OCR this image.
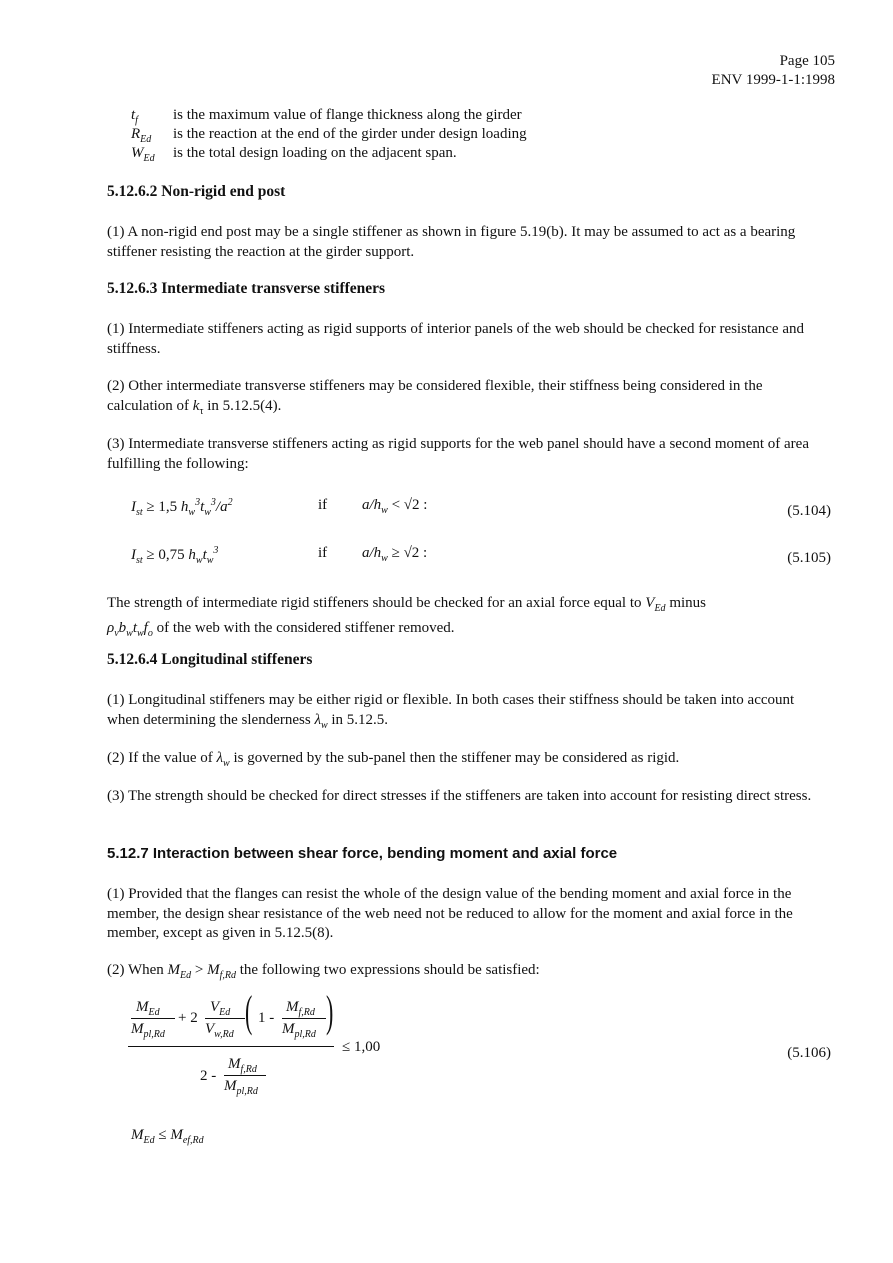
Page 105
ENV 1999-1-1:1998
$t_f$ is the maximum value of flange thickness along the girder
$R_{Ed}$ is the reaction at the end of the girder under design loading
$W_{Ed}$ is the total design loading on the adjacent span.
5.12.6.2 Non-rigid end post

(1) A non-rigid end post may be a single stiffener as shown in figure 5.19(b). It may be assumed to act as a bearing stiffener resisting the reaction at the girder support.

5.12.6.3 Intermediate transverse stiffeners

(1) Intermediate stiffeners acting as rigid supports of interior panels of the web should be checked for resistance and stiffness.

(2) Other intermediate transverse stiffeners may be considered flexible, their stiffness being considered in the calculation of $k_\tau$ in 5.12.5(4).

(3) Intermediate transverse stiffeners acting as rigid supports for the web panel should have a second moment of area fulfilling the following:

$I_{st} \ge 1,5$ $h_w^3t_w^3/a^2$	if $a/h_w < √2$ :	(5.104)
$I_{st} \ge 0,75$ $h_wt_w^3$	if $a/h_w \ge √2$ :	(5.105)

The strength of intermediate rigid stiffeners should be checked for an axial force equal to $V_{Ed}$ minus
$\rho_vb_wt_wf_o$ of the web with the considered stiffener removed.

5.12.6.4 Longitudinal stiffeners

(1) Longitudinal stiffeners may be either rigid or flexible. In both cases their stiffness should be taken into account when determining the slenderness $\lambda_w$ in 5.12.5.

(2) If the value of $\lambda_w$ is governed by the sub-panel then the stiffener may be considered as rigid.

(3) The strength should be checked for direct stresses if the stiffeners are taken into account for resisting direct stress.

5.12.7 Interaction between shear force, bending moment and axial force

(1) Provided that the flanges can resist the whole of the design value of the bending moment and axial force in the member, the design shear resistance of the web need not be reduced to allow for the moment and axial force in the member, except as given in 5.12.5(8).

(2) When $M_{Ed} > M_{f,Rd}$ the following two expressions should be satisfied:

$M_{Ed}$
$M_{pl,Rd}$
+ 2
$V_{Ed}$
$V_{w,Rd}$ ( 1 -
$M_{f,Rd}$
$M_{pl,Rd}$ )
2 -
$M_{f,Rd}$
$M_{pl,Rd}$
≤ 1,00	(5.106)
$M_{Ed} \le M_{ef,Rd}$
